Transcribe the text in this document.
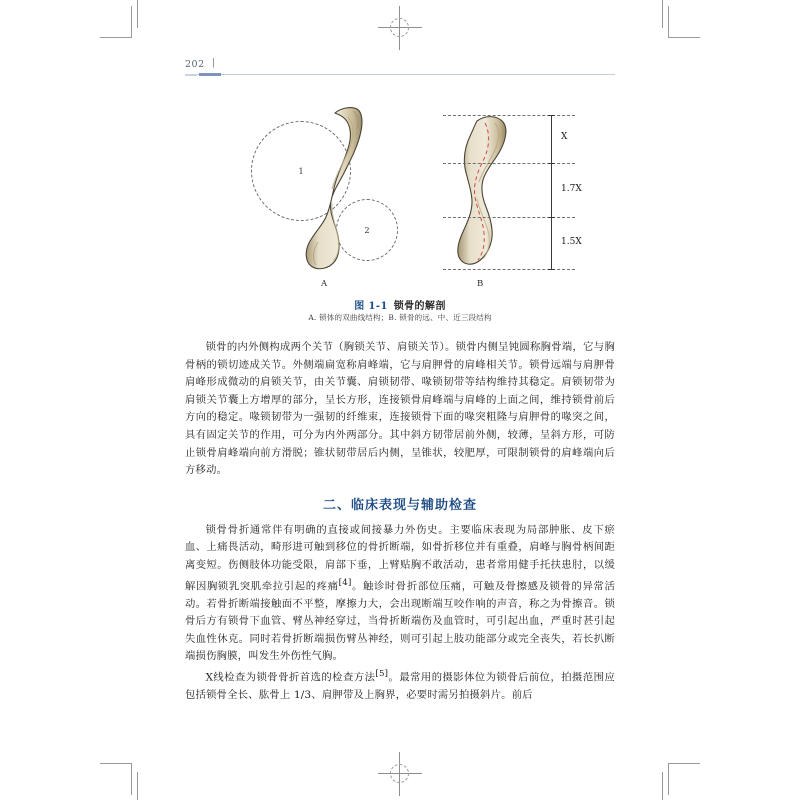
202 |
1
2
X
1.7X
1.5X
A	B
图 1-1 锁骨的解剖
A. 锁体的双曲线结构；B. 锁骨的远、中、近三段结构

锁骨的内外侧构成两个关节（胸锁关节、肩锁关节）。锁骨内侧呈钝圆称胸骨端，它与胸骨柄的锁切迹成关节。外侧端扁宽称肩峰端，它与肩胛骨的肩峰相关节。锁骨远端与肩胛骨肩峰形成微动的肩锁关节，由关节囊、肩锁韧带、喙锁韧带等结构维持其稳定。肩锁韧带为肩锁关节囊上方增厚的部分，呈长方形，连接锁骨肩峰端与肩峰的上面之间，维持锁骨前后方向的稳定。喙锁韧带为一强韧的纤维束，连接锁骨下面的喙突粗隆与肩胛骨的喙突之间，具有固定关节的作用，可分为内外两部分。其中斜方韧带居前外侧，较薄，呈斜方形，可防止锁骨肩峰端向前方滑脱；锥状韧带居后内侧，呈锥状，较肥厚，可限制锁骨的肩峰端向后方移动。

二、临床表现与辅助检查

锁骨骨折通常伴有明确的直接或间接暴力外伤史。主要临床表现为局部肿胀、皮下瘀血、上痛畏活动，畸形进可触到移位的骨折断端，如骨折移位并有重叠，肩峰与胸骨柄间距离变短。伤侧肢体功能受限，肩部下垂，上臂贴胸不敢活动，患者常用健手托扶患肘，以缓解因胸锁乳突肌牵拉引起的疼痛[4]。触诊时骨折部位压痛，可触及骨擦感及锁骨的异常活动。若骨折断端接触面不平整，摩擦力大，会出现断端互咬作响的声音，称之为骨擦音。锁骨后方有锁骨下血管、臂丛神经穿过，当骨折断端伤及血管时，可引起出血，严重时甚引起失血性休克。同时若骨折断端损伤臂丛神经，则可引起上肢功能部分或完全丧失，若长扒断端损伤胸膜，叫发生外伤性气胸。

X线检查为锁骨骨折首选的检查方法[5]。最常用的摄影体位为锁骨后前位，拍摄范围应包括锁骨全长、肱骨上 1/3、肩胛带及上胸界，必要时需另拍摄斜片。前后
